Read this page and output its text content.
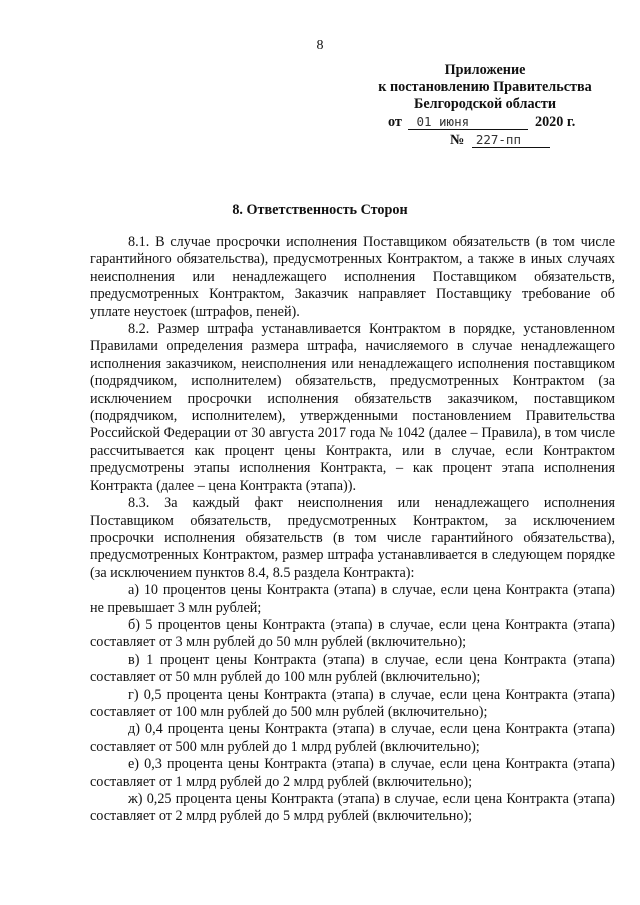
8
Приложение
к постановлению Правительства
Белгородской области
от 01 июня	2020 г.
№ 227-пп
8. Ответственность Сторон

8.1. В случае просрочки исполнения Поставщиком обязательств (в том числе гарантийного обязательства), предусмотренных Контрактом, а также в иных случаях неисполнения или ненадлежащего исполнения Поставщиком обязательств, предусмотренных Контрактом, Заказчик направляет Поставщику требование об уплате неустоек (штрафов, пеней).

8.2. Размер штрафа устанавливается Контрактом в порядке, установленном Правилами определения размера штрафа, начисляемого в случае ненадлежащего исполнения заказчиком, неисполнения или ненадлежащего исполнения поставщиком (подрядчиком, исполнителем) обязательств, предусмотренных Контрактом (за исключением просрочки исполнения обязательств заказчиком, поставщиком (подрядчиком, исполнителем), утвержденными постановлением Правительства Российской Федерации от 30 августа 2017 года № 1042 (далее – Правила), в том числе рассчитывается как процент цены Контракта, или в случае, если Контрактом предусмотрены этапы исполнения Контракта, – как процент этапа исполнения Контракта (далее – цена Контракта (этапа)).

8.3. За каждый факт неисполнения или ненадлежащего исполнения Поставщиком обязательств, предусмотренных Контрактом, за исключением просрочки исполнения обязательств (в том числе гарантийного обязательства), предусмотренных Контрактом, размер штрафа устанавливается в следующем порядке (за исключением пунктов 8.4, 8.5 раздела Контракта):

а) 10 процентов цены Контракта (этапа) в случае, если цена Контракта (этапа) не превышает 3 млн рублей;

б) 5 процентов цены Контракта (этапа) в случае, если цена Контракта (этапа) составляет от 3 млн рублей до 50 млн рублей (включительно);

в) 1 процент цены Контракта (этапа) в случае, если цена Контракта (этапа) составляет от 50 млн рублей до 100 млн рублей (включительно);

г) 0,5 процента цены Контракта (этапа) в случае, если цена Контракта (этапа) составляет от 100 млн рублей до 500 млн рублей (включительно);

д) 0,4 процента цены Контракта (этапа) в случае, если цена Контракта (этапа) составляет от 500 млн рублей до 1 млрд рублей (включительно);

е) 0,3 процента цены Контракта (этапа) в случае, если цена Контракта (этапа) составляет от 1 млрд рублей до 2 млрд рублей (включительно);

ж) 0,25 процента цены Контракта (этапа) в случае, если цена Контракта (этапа) составляет от 2 млрд рублей до 5 млрд рублей (включительно);
